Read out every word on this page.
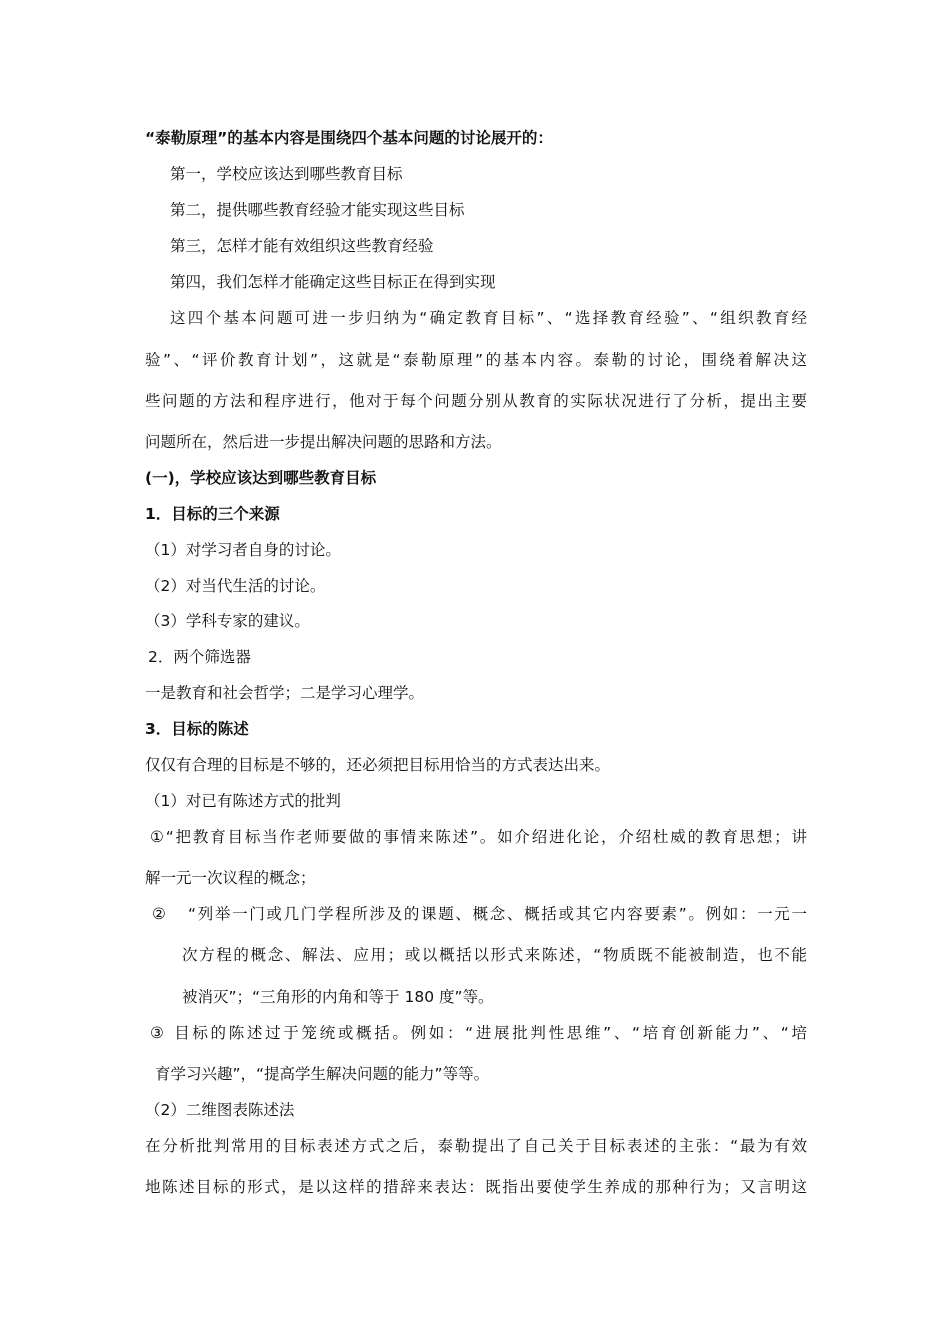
“泰勒原理”的基本内容是围绕四个基本问题的讨论展开的：
第一，学校应该达到哪些教育目标
第二，提供哪些教育经验才能实现这些目标
第三，怎样才能有效组织这些教育经验
第四，我们怎样才能确定这些目标正在得到实现
这四个基本问题可进一步归纳为“确定教育目标”、“选择教育经验”、“组织教育经
验”、“评价教育计划”，这就是“泰勒原理”的基本内容。泰勒的讨论，围绕着解决这
些问题的方法和程序进行，他对于每个问题分别从教育的实际状况进行了分析，提出主要
问题所在，然后进一步提出解决问题的思路和方法。
(一)，学校应该达到哪些教育目标
1．目标的三个来源
（1）对学习者自身的讨论。
（2）对当代生活的讨论。
（3）学科专家的建议。
2．两个筛选器
一是教育和社会哲学；二是学习心理学。
3．目标的陈述
仅仅有合理的目标是不够的，还必须把目标用恰当的方式表达出来。
（1）对已有陈述方式的批判
①“把教育目标当作老师要做的事情来陈述”。如介绍进化论，介绍杜威的教育思想；讲
解一元一次议程的概念；
② “列举一门或几门学程所涉及的课题、概念、概括或其它内容要素”。例如：一元一
次方程的概念、解法、应用；或以概括以形式来陈述，“物质既不能被制造，也不能
被消灭”；“三角形的内角和等于 180 度”等。
③ 目标的陈述过于笼统或概括。例如：“进展批判性思维”、“培育创新能力”、“培
育学习兴趣”，“提高学生解决问题的能力”等等。
（2）二维图表陈述法
在分析批判常用的目标表述方式之后，泰勒提出了自己关于目标表述的主张：“最为有效
地陈述目标的形式，是以这样的措辞来表达：既指出要使学生养成的那种行为；又言明这
